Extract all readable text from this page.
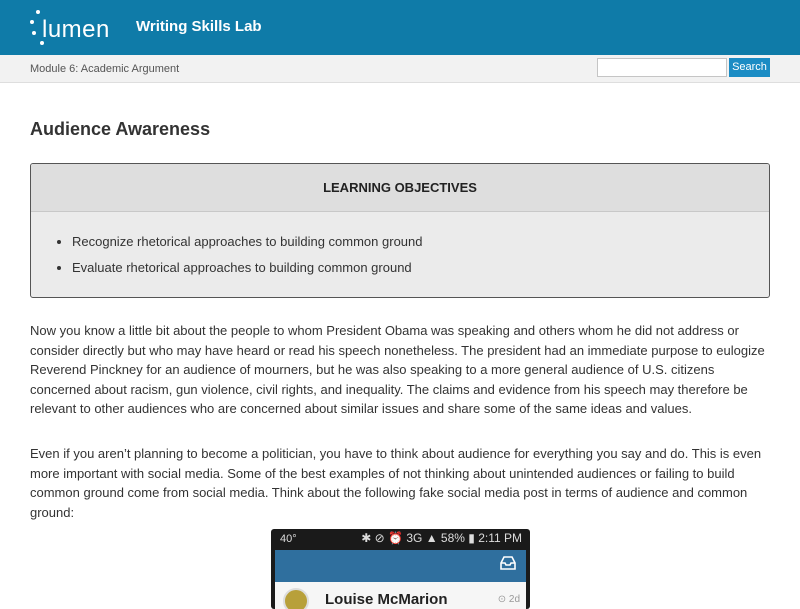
lumen Writing Skills Lab
Module 6: Academic Argument	Search
Audience Awareness
LEARNING OBJECTIVES
• Recognize rhetorical approaches to building common ground
• Evaluate rhetorical approaches to building common ground

Now you know a little bit about the people to whom President Obama was speaking and others whom he did not address or consider directly but who may have heard or read his speech nonetheless. The president had an immediate purpose to eulogize Reverend Pinckney for an audience of mourners, but he was also speaking to a more general audience of U.S. citizens concerned about racism, gun violence, civil rights, and inequality. The claims and evidence from his speech may therefore be relevant to other audiences who are concerned about similar issues and share some of the same ideas and values.

Even if you aren’t planning to become a politician, you have to think about audience for everything you say and do. This is even more important with social media. Some of the best examples of not thinking about unintended audiences or failing to build common ground come from social media. Think about the following fake social media post in terms of audience and common ground:

40°	✱ ⊘ ⏰ 3G ▲ 58% ▮ 2:11 PM
Louise McMarion	⊙ 2d
